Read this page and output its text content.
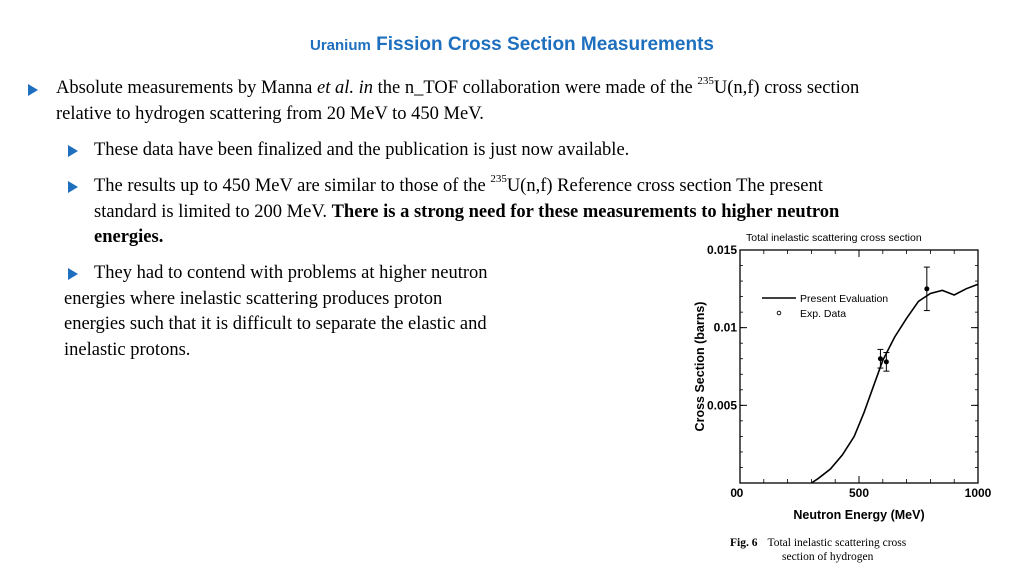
Uranium Fission Cross Section Measurements
Absolute measurements by Manna et al. in the n_TOF collaboration were made of the $^{235}$U(n,f) cross section
relative to hydrogen scattering from 20 MeV to 450 MeV.
These data have been finalized and the publication is just now available.
The results up to 450 MeV are similar to those of the $^{235}$U(n,f) Reference cross section The present
standard is limited to 200 MeV. There is a strong need for these measurements to higher neutron
energies.
They had to contend with problems at higher neutron
energies where inelastic scattering produces proton
energies such that it is difficult to separate the elastic and
inelastic protons.
Total inelastic scattering cross section
0.005
0.01
0.015
0	500	1000
0
Neutron Energy (MeV)
Cross Section (barns)
Present Evaluation
Exp. Data
Fig. 6 Total inelastic scattering cross
section of hydrogen
